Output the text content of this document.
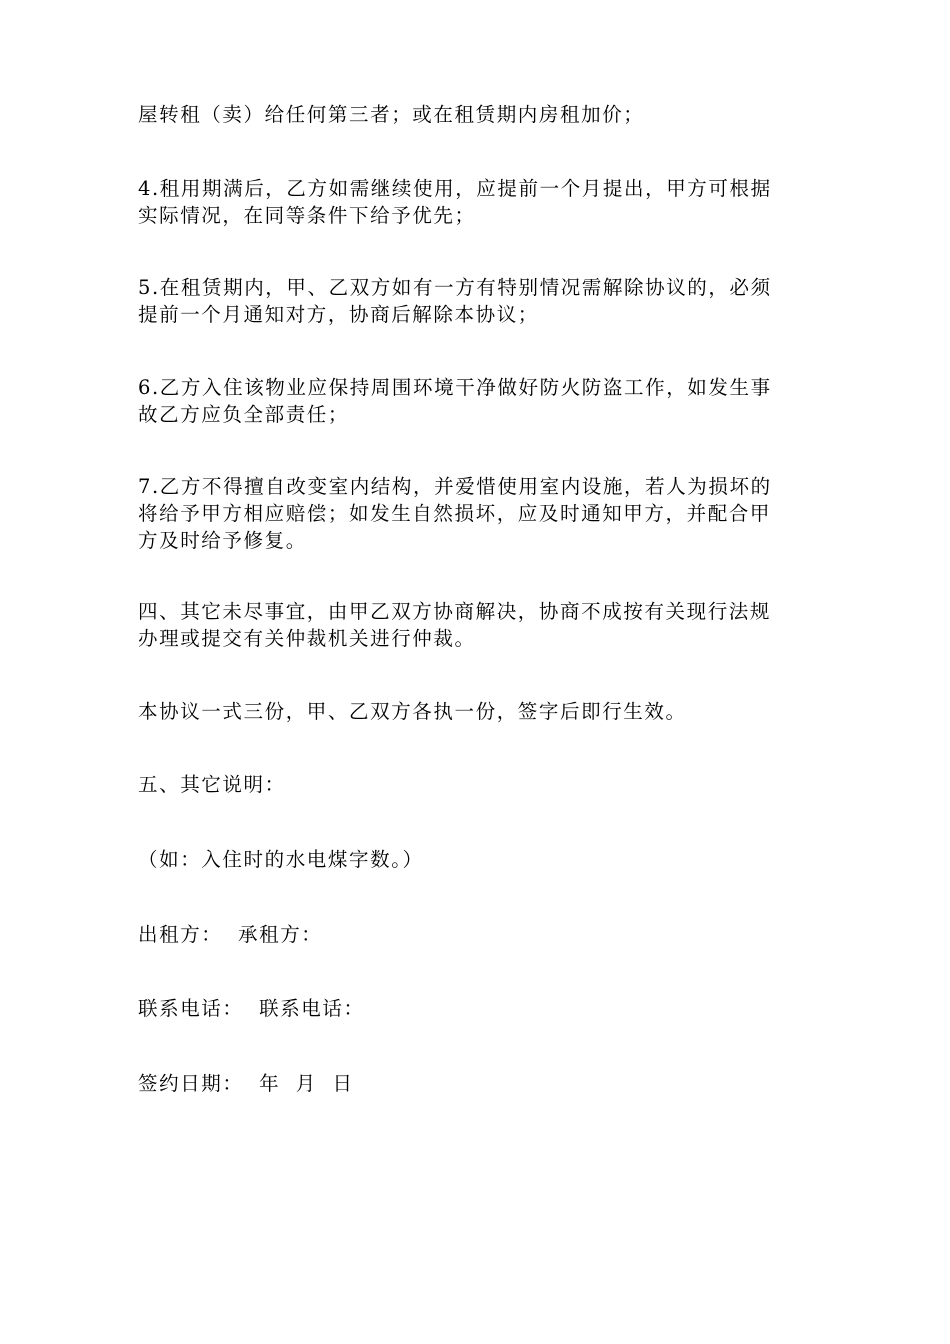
屋转租（卖）给任何第三者；或在租赁期内房租加价；

4.租用期满后，乙方如需继续使用，应提前一个月提出，甲方可根据
实际情况，在同等条件下给予优先；

5.在租赁期内，甲、乙双方如有一方有特别情况需解除协议的，必须
提前一个月通知对方，协商后解除本协议；

6.乙方入住该物业应保持周围环境干净做好防火防盗工作，如发生事
故乙方应负全部责任；

7.乙方不得擅自改变室内结构，并爱惜使用室内设施，若人为损坏的
将给予甲方相应赔偿；如发生自然损坏，应及时通知甲方，并配合甲
方及时给予修复。

四、其它未尽事宜，由甲乙双方协商解决，协商不成按有关现行法规
办理或提交有关仲裁机关进行仲裁。

本协议一式三份，甲、乙双方各执一份，签字后即行生效。

五、其它说明：

（如：入住时的水电煤字数。）

出租方：  承租方：

联系电话：  联系电话：

签约日期：  年  月  日
